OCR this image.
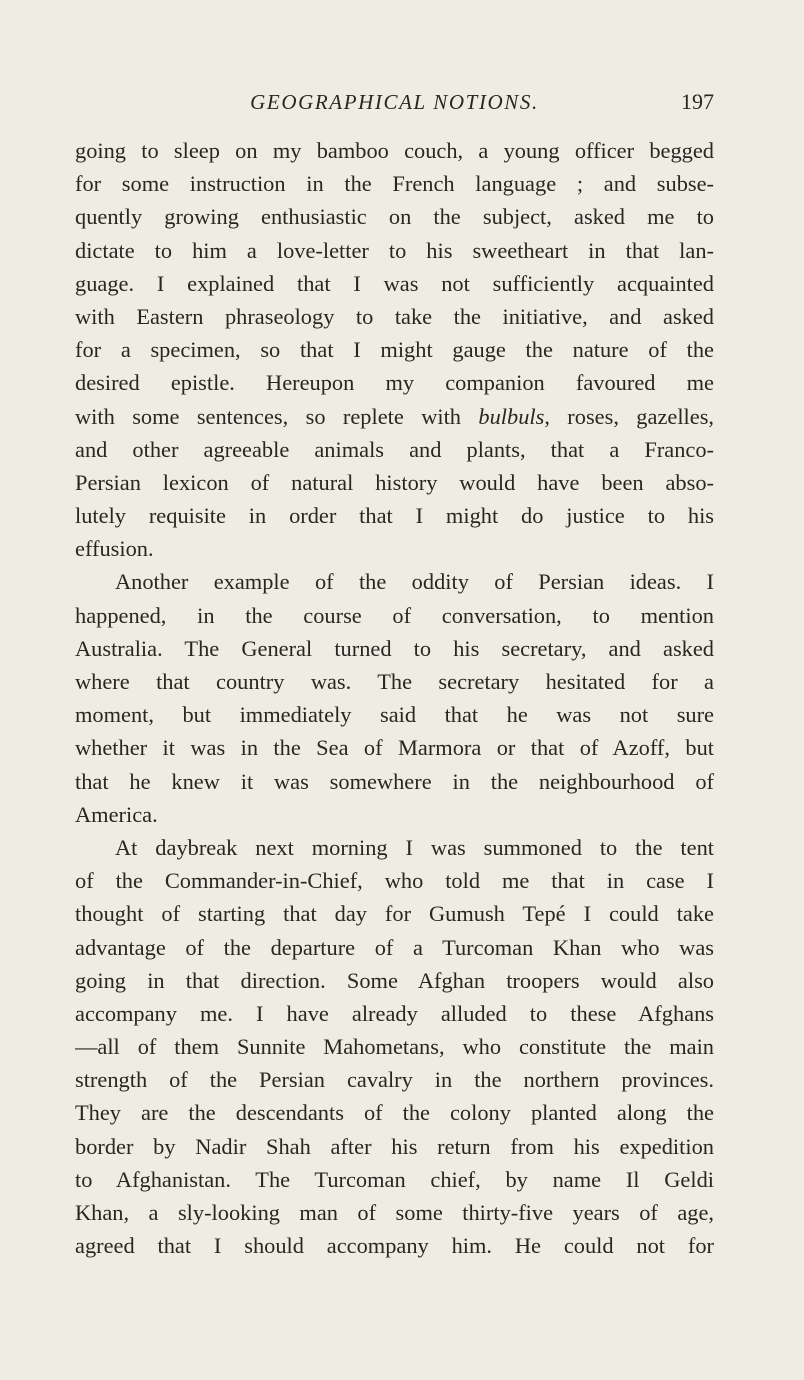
GEOGRAPHICAL NOTIONS.	197
going to sleep on my bamboo couch, a young officer begged
for some instruction in the French language ; and subse-
quently growing enthusiastic on the subject, asked me to
dictate to him a love-letter to his sweetheart in that lan-
guage. I explained that I was not sufficiently acquainted
with Eastern phraseology to take the initiative, and asked
for a specimen, so that I might gauge the nature of the
desired epistle. Hereupon my companion favoured me
with some sentences, so replete with bulbuls, roses, gazelles,
and other agreeable animals and plants, that a Franco-
Persian lexicon of natural history would have been abso-
lutely requisite in order that I might do justice to his
effusion.
Another example of the oddity of Persian ideas. I
happened, in the course of conversation, to mention
Australia. The General turned to his secretary, and asked
where that country was. The secretary hesitated for a
moment, but immediately said that he was not sure
whether it was in the Sea of Marmora or that of Azoff, but
that he knew it was somewhere in the neighbourhood of
America.
At daybreak next morning I was summoned to the tent
of the Commander-in-Chief, who told me that in case I
thought of starting that day for Gumush Tepé I could take
advantage of the departure of a Turcoman Khan who was
going in that direction. Some Afghan troopers would also
accompany me. I have already alluded to these Afghans
—all of them Sunnite Mahometans, who constitute the main
strength of the Persian cavalry in the northern provinces.
They are the descendants of the colony planted along the
border by Nadir Shah after his return from his expedition
to Afghanistan. The Turcoman chief, by name Il Geldi
Khan, a sly-looking man of some thirty-five years of age,
agreed that I should accompany him. He could not for
